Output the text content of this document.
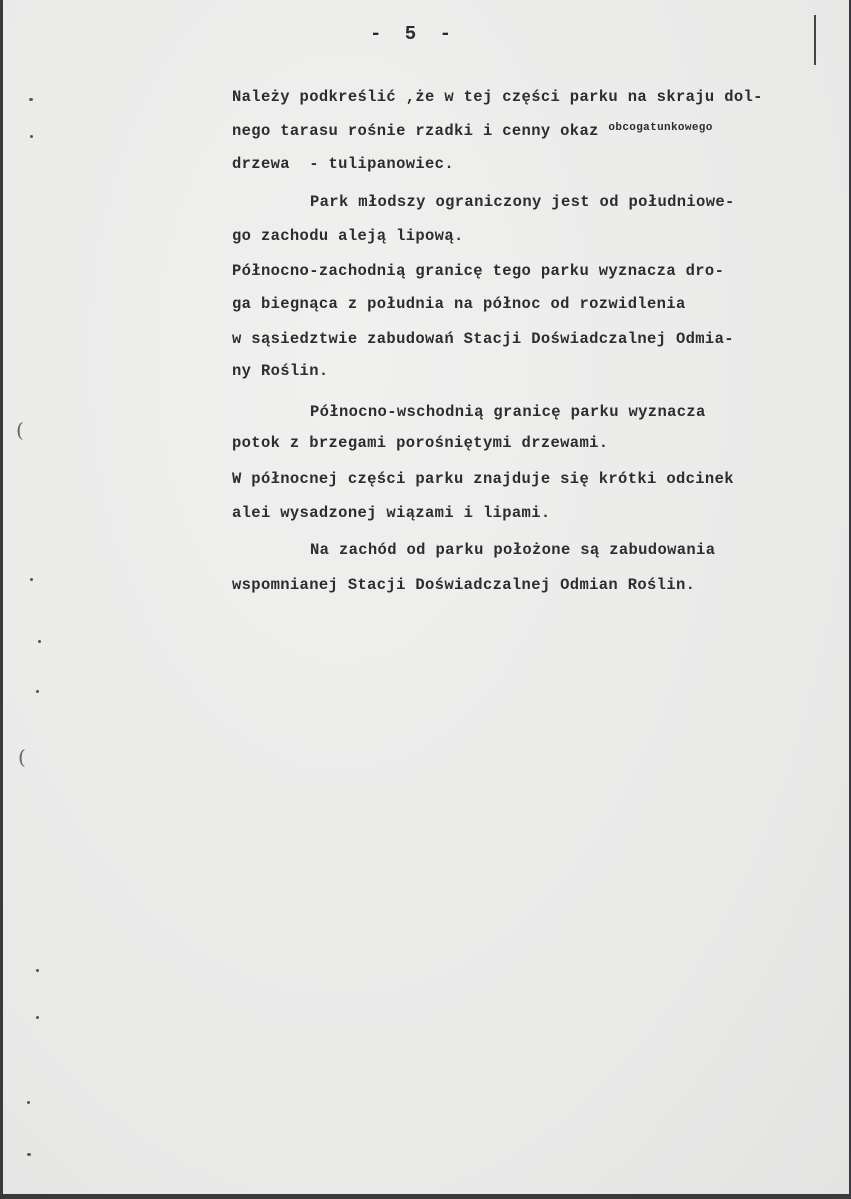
- 5 -
Należy podkreślić ,że w tej części parku na skraju dol-
nego tarasu rośnie rzadki i cenny okaz $^{obcogatunkowego}$
drzewa  - tulipanowiec.
Park młodszy ograniczony jest od południowe-
go zachodu aleją lipową.
Północno-zachodnią granicę tego parku wyznacza dro-
ga biegnąca z południa na północ od rozwidlenia
w sąsiedztwie zabudowań Stacji Doświadczalnej Odmia-
ny Roślin.
Północno-wschodnią granicę parku wyznacza
potok z brzegami porośniętymi drzewami.
W północnej części parku znajduje się krótki odcinek
alei wysadzonej wiązami i lipami.
Na zachód od parku położone są zabudowania
wspomnianej Stacji Doświadczalnej Odmian Roślin.
(
(
